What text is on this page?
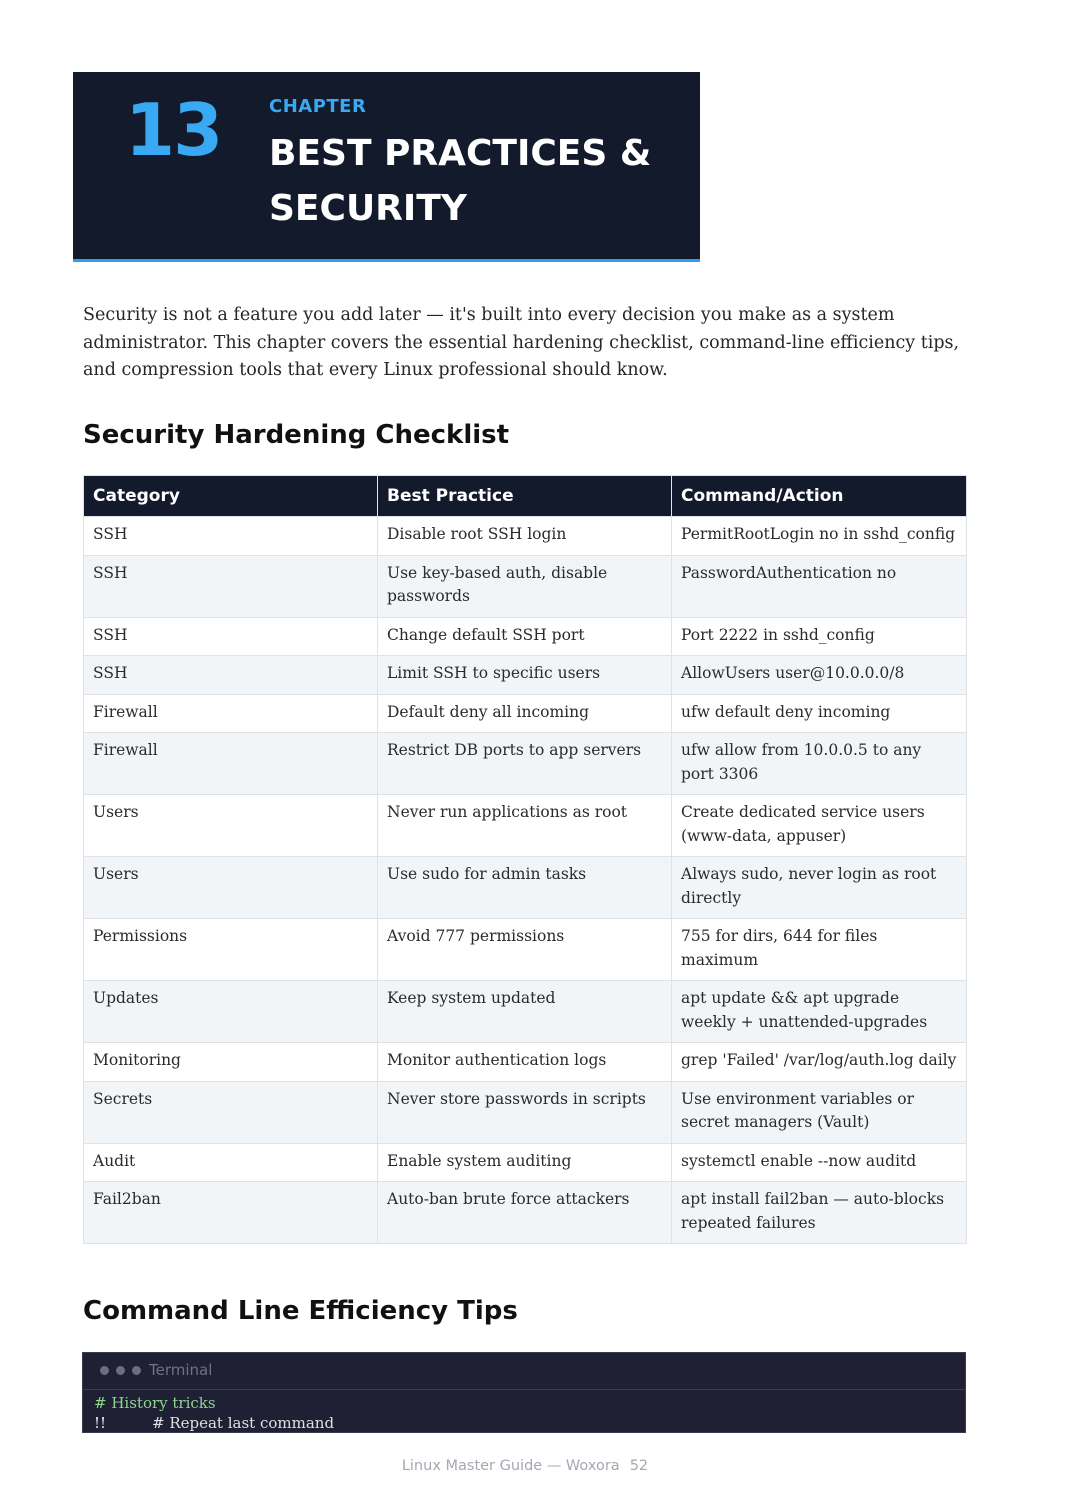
13	CHAPTER
BEST PRACTICES & SECURITY

Security is not a feature you add later — it's built into every decision you make as a system administrator. This chapter covers the essential hardening checklist, command-line efficiency tips, and compression tools that every Linux professional should know.

Security Hardening Checklist
Category	Best Practice	Command/Action
SSH	Disable root SSH login	PermitRootLogin no in sshd_config
SSH	Use key-based auth, disable passwords	PasswordAuthentication no
SSH	Change default SSH port	Port 2222 in sshd_config
SSH	Limit SSH to specific users	AllowUsers user@10.0.0.0/8
Firewall	Default deny all incoming	ufw default deny incoming
Firewall	Restrict DB ports to app servers	ufw allow from 10.0.0.5 to any port 3306
Users	Never run applications as root	Create dedicated service users (www-data, appuser)
Users	Use sudo for admin tasks	Always sudo, never login as root directly
Permissions	Avoid 777 permissions	755 for dirs, 644 for files maximum
Updates	Keep system updated	apt update && apt upgrade weekly + unattended-upgrades
Monitoring	Monitor authentication logs	grep 'Failed' /var/log/auth.log daily
Secrets	Never store passwords in scripts	Use environment variables or secret managers (Vault)
Audit	Enable system auditing	systemctl enable --now auditd
Fail2ban	Auto-ban brute force attackers	apt install fail2ban — auto-blocks repeated failures
Command Line Efficiency Tips
Terminal
# History tricks
!!	# Repeat last command
Linux Master Guide — Woxora 52
